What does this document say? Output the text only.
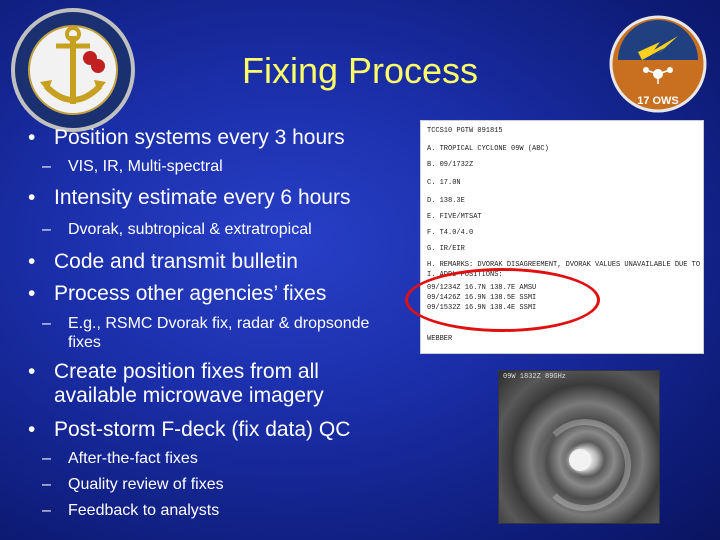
17 OWS
Fixing Process
• Position systems every 3 hours
– VIS, IR, Multi-spectral
• Intensity estimate every 6 hours
– Dvorak, subtropical & extratropical
• Code and transmit bulletin
• Process other agencies’ fixes
– E.g., RSMC Dvorak fix, radar & dropsonde fixes
• Create position fixes from all available microwave imagery
• Post-storm F-deck (fix data) QC
– After-the-fact fixes
– Quality review of fixes
– Feedback to analysts
TCCS10 PGTW 091815
A. TROPICAL CYCLONE 09W (ABC)
B. 09/1732Z
C. 17.0N
D. 138.3E
E. FIVE/MTSAT
F. T4.0/4.0
G. IR/EIR
H. REMARKS: DVORAK DISAGREEMENT, DVORAK VALUES UNAVAILABLE DUE TO
I. ADDL POSITIONS:
09/1234Z 16.7N 138.7E AMSU
09/1426Z 16.9N 138.5E SSMI
09/1532Z 16.9N 138.4E SSMI
WEBBER
09W 1832Z 89GHz
